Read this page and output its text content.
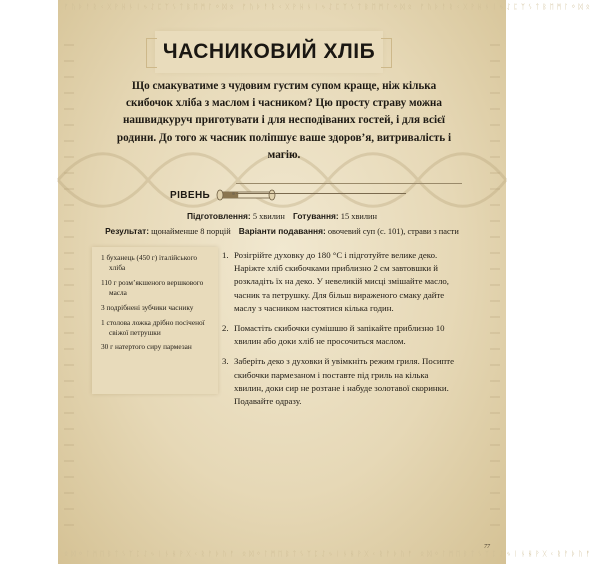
ᚠᚢᚦᚨᚱᚲᚷᚹᚺᚾᛁᛃᛇᛈᛉᛊᛏᛒᛖᛗᛚᛜᛞᛟ ᚠᚢᚦᚨᚱᚲᚷᚹᚺᚾᛁᛃᛇᛈᛉᛊᛏᛒᛖᛗᛚᛜᛞᛟ ᚠᚢᚦᚨᚱᚲᚷᚹᚺᚾᛁᛃᛇᛈᛉᛊᛏᛒᛖᛗᛚᛜᛞᛟ
ЧАСНИКОВИЙ ХЛІБ

Що смакуватиме з чудовим густим супом краще, ніж кілька скибочок хліба з маслом і часником? Цю просту страву можна нашвидкуруч приготувати і для несподіваних гостей, і для всієї родини. До того ж часник поліпшує ваше здоров’я, витривалість і магію.

РІВЕНЬ

Підготовлення: 5 хвилин Готування: 15 хвилин

Результат: щонайменше 8 порцій Варіанти подавання: овочевий суп (с. 101), страви з пасти

1 буханець (450 г) італійського хліба
110 г розм’якшеного вершкового масла
3 подрібнені зубчики часнику
1 столова ложка дрібно посіченої свіжої петрушки
30 г натертого сиру пармезан
1. Розігрійте духовку до 180 °C і підготуйте велике деко. Наріжте хліб скибочками приблизно 2 см завтовшки й розкладіть їх на деко. У невеликій мисці змішайте масло, часник та петрушку. Для більш вираженого смаку дайте маслу з часником настоятися кілька годин.
2. Помастіть скибочки сумішшю й запікайте приблизно 10 хвилин або доки хліб не просочиться маслом.
3. Заберіть деко з духовки й увімкніть режим гриля. Посипте скибочки пармезаном і поставте під гриль на кілька хвилин, доки сир не розтане і набуде золотавої скоринки. Подавайте одразу.
ᛟᛞᛜᛚᛗᛖᛒᛏᛊᛉᛈᛇᛃᛁᚾᚺᚹᚷᚲᚱᚨᚦᚢᚠ ᛟᛞᛜᛚᛗᛖᛒᛏᛊᛉᛈᛇᛃᛁᚾᚺᚹᚷᚲᚱᚨᚦᚢᚠ ᛟᛞᛜᛚᛗᛖᛒᛏᛊᛉᛈᛇᛃᛁᚾᚺᚹᚷᚲᚱᚨᚦᚢᚠ
77
